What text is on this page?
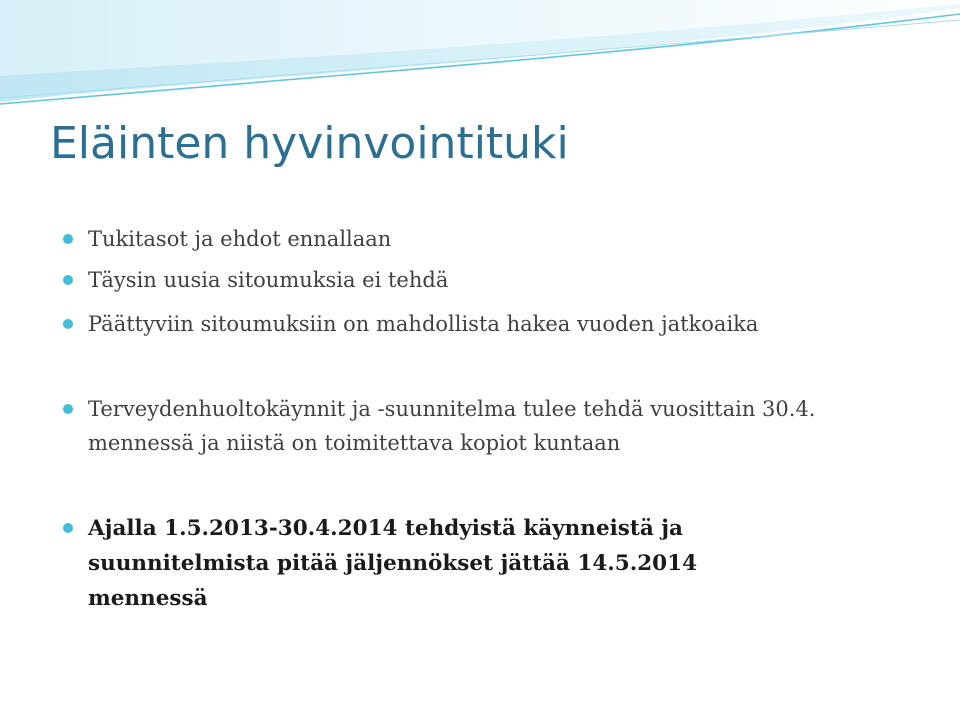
Eläinten hyvinvointituki
Tukitasot ja ehdot ennallaan
Täysin uusia sitoumuksia ei tehdä
Päättyviin sitoumuksiin on mahdollista hakea vuoden jatkoaika
Terveydenhuoltokäynnit ja -suunnitelma tulee tehdä vuosittain 30.4. mennessä ja niistä on toimitettava kopiot kuntaan
Ajalla 1.5.2013-30.4.2014 tehdyistä käynneistä ja suunnitelmista pitää jäljennökset jättää 14.5.2014 mennessä
